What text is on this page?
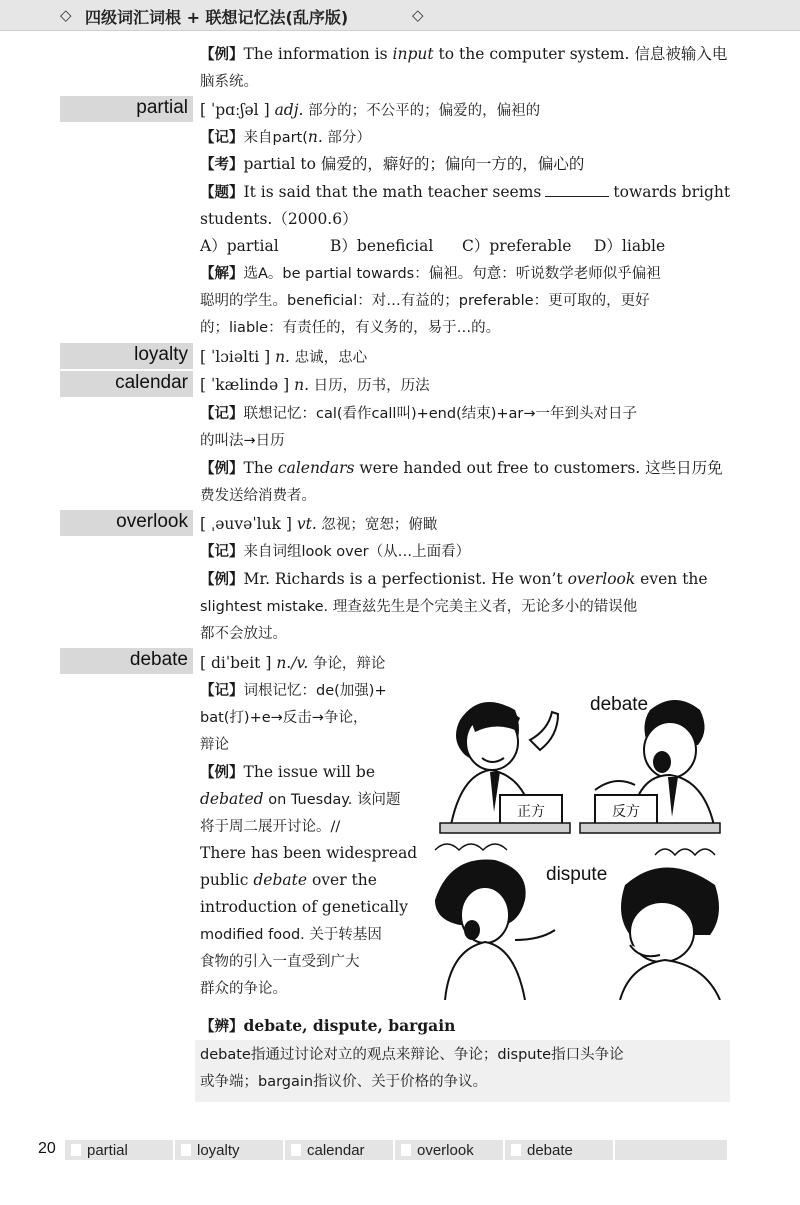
◇ 四级词汇词根 + 联想记忆法(乱序版)	◇
【例】The information is input to the computer system. 信息被输入电
脑系统。
partial [ ˈpɑːʃəl ] adj. 部分的；不公平的；偏爱的，偏袒的
【记】来自part(n. 部分）
【考】partial to 偏爱的，癖好的；偏向一方的，偏心的
【题】It is said that the math teacher seems	towards bright
students.（2000.6）
A）partial	B）beneficial C）preferable D）liable
【解】选A。be partial towards：偏袒。句意：听说数学老师似乎偏袒
聪明的学生。beneficial：对…有益的；preferable：更可取的，更好
的；liable：有责任的，有义务的，易于…的。
loyalty [ ˈlɔiəlti ] n. 忠诚，忠心
calendar [ ˈkælində ] n. 日历，历书，历法
【记】联想记忆：cal(看作call叫)+end(结束)+ar→一年到头对日子
的叫法→日历
【例】The calendars were handed out free to customers. 这些日历免
费发送给消费者。
overlook [ ˌəuvəˈluk ] vt. 忽视；宽恕；俯瞰
【记】来自词组look over（从…上面看）
【例】Mr. Richards is a perfectionist. He won’t overlook even the
slightest mistake. 理查兹先生是个完美主义者，无论多小的错误他
都不会放过。
debate [ diˈbeit ] n./v. 争论，辩论
【记】词根记忆：de(加强)+
bat(打)+e→反击→争论，
辩论
【例】The issue will be
debated on Tuesday. 该问题
将于周二展开讨论。//
There has been widespread
public debate over the
introduction of genetically
modified food. 关于转基因
食物的引入一直受到广大
群众的争论。
正方	反方
debate
dispute
【辨】debate, dispute, bargain
debate指通过讨论对立的观点来辩论、争论；dispute指口头争论
或争端；bargain指议价、关于价格的争议。
20 partial	loyalty	calendar	overlook	debate
